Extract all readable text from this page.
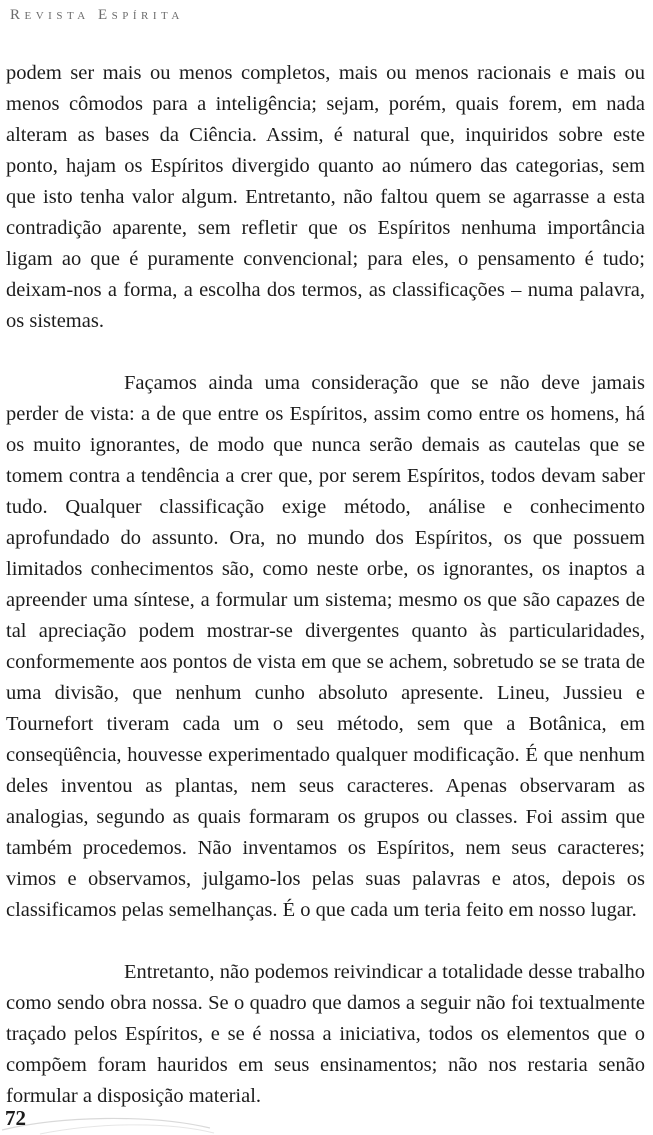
Revista Espírita

podem ser mais ou menos completos, mais ou menos racionais e mais ou menos cômodos para a inteligência; sejam, porém, quais forem, em nada alteram as bases da Ciência. Assim, é natural que, inquiridos sobre este ponto, hajam os Espíritos divergido quanto ao número das categorias, sem que isto tenha valor algum. Entretanto, não faltou quem se agarrasse a esta contradição aparente, sem refletir que os Espíritos nenhuma importância ligam ao que é puramente convencional; para eles, o pensamento é tudo; deixam-nos a forma, a escolha dos termos, as classificações – numa palavra, os sistemas.

Façamos ainda uma consideração que se não deve jamais perder de vista: a de que entre os Espíritos, assim como entre os homens, há os muito ignorantes, de modo que nunca serão demais as cautelas que se tomem contra a tendência a crer que, por serem Espíritos, todos devam saber tudo. Qualquer classificação exige método, análise e conhecimento aprofundado do assunto. Ora, no mundo dos Espíritos, os que possuem limitados conhecimentos são, como neste orbe, os ignorantes, os inaptos a apreender uma síntese, a formular um sistema; mesmo os que são capazes de tal apreciação podem mostrar-se divergentes quanto às particularidades, conformemente aos pontos de vista em que se achem, sobretudo se se trata de uma divisão, que nenhum cunho absoluto apresente. Lineu, Jussieu e Tournefort tiveram cada um o seu método, sem que a Botânica, em conseqüência, houvesse experimentado qualquer modificação. É que nenhum deles inventou as plantas, nem seus caracteres. Apenas observaram as analogias, segundo as quais formaram os grupos ou classes. Foi assim que também procedemos. Não inventamos os Espíritos, nem seus caracteres; vimos e observamos, julgamo-los pelas suas palavras e atos, depois os classificamos pelas semelhanças. É o que cada um teria feito em nosso lugar.

Entretanto, não podemos reivindicar a totalidade desse trabalho como sendo obra nossa. Se o quadro que damos a seguir não foi textualmente traçado pelos Espíritos, e se é nossa a iniciativa, todos os elementos que o compõem foram hauridos em seus ensinamentos; não nos restaria senão formular a disposição material.

72
